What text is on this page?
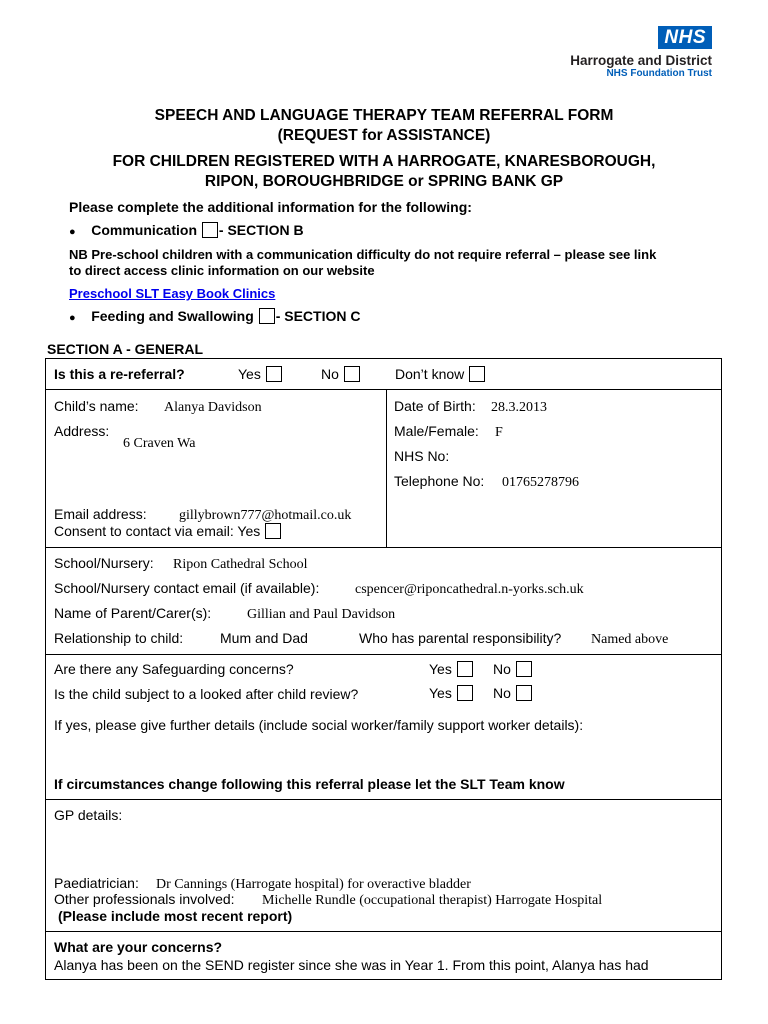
NHS
Harrogate and District
NHS Foundation Trust
SPEECH AND LANGUAGE THERAPY TEAM REFERRAL FORM
(REQUEST for ASSISTANCE)
FOR CHILDREN REGISTERED WITH A HARROGATE, KNARESBOROUGH,
RIPON, BOROUGHBRIDGE or SPRING BANK GP
Please complete the additional information for the following:
● Communication - SECTION B
NB Pre-school children with a communication difficulty do not require referral – please see link
to direct access clinic information on our website
Preschool SLT Easy Book Clinics
● Feeding and Swallowing - SECTION C
SECTION A - GENERAL
Is this a re-referral?	Yes	No	Don’t know
Child’s name: Alanya Davidson
Address:
6 Craven Wa
Email address: gillybrown777@hotmail.co.uk
Consent to contact via email: Yes
Date of Birth: 28.3.2013
Male/Female: F
NHS No:
Telephone No: 01765278796
School/Nursery: Ripon Cathedral School
School/Nursery contact email (if available):	cspencer@riponcathedral.n-yorks.sch.uk
Name of Parent/Carer(s):	Gillian and Paul Davidson
Relationship to child:	Mum and Dad	Who has parental responsibility? Named above
Are there any Safeguarding concerns?	Yes	No
Is the child subject to a looked after child review?	Yes	No
If yes, please give further details (include social worker/family support worker details):
If circumstances change following this referral please let the SLT Team know
GP details:
Paediatrician: Dr Cannings (Harrogate hospital) for overactive bladder
Other professionals involved: Michelle Rundle (occupational therapist) Harrogate Hospital
(Please include most recent report)
What are your concerns?
Alanya has been on the SEND register since she was in Year 1. From this point, Alanya has had
